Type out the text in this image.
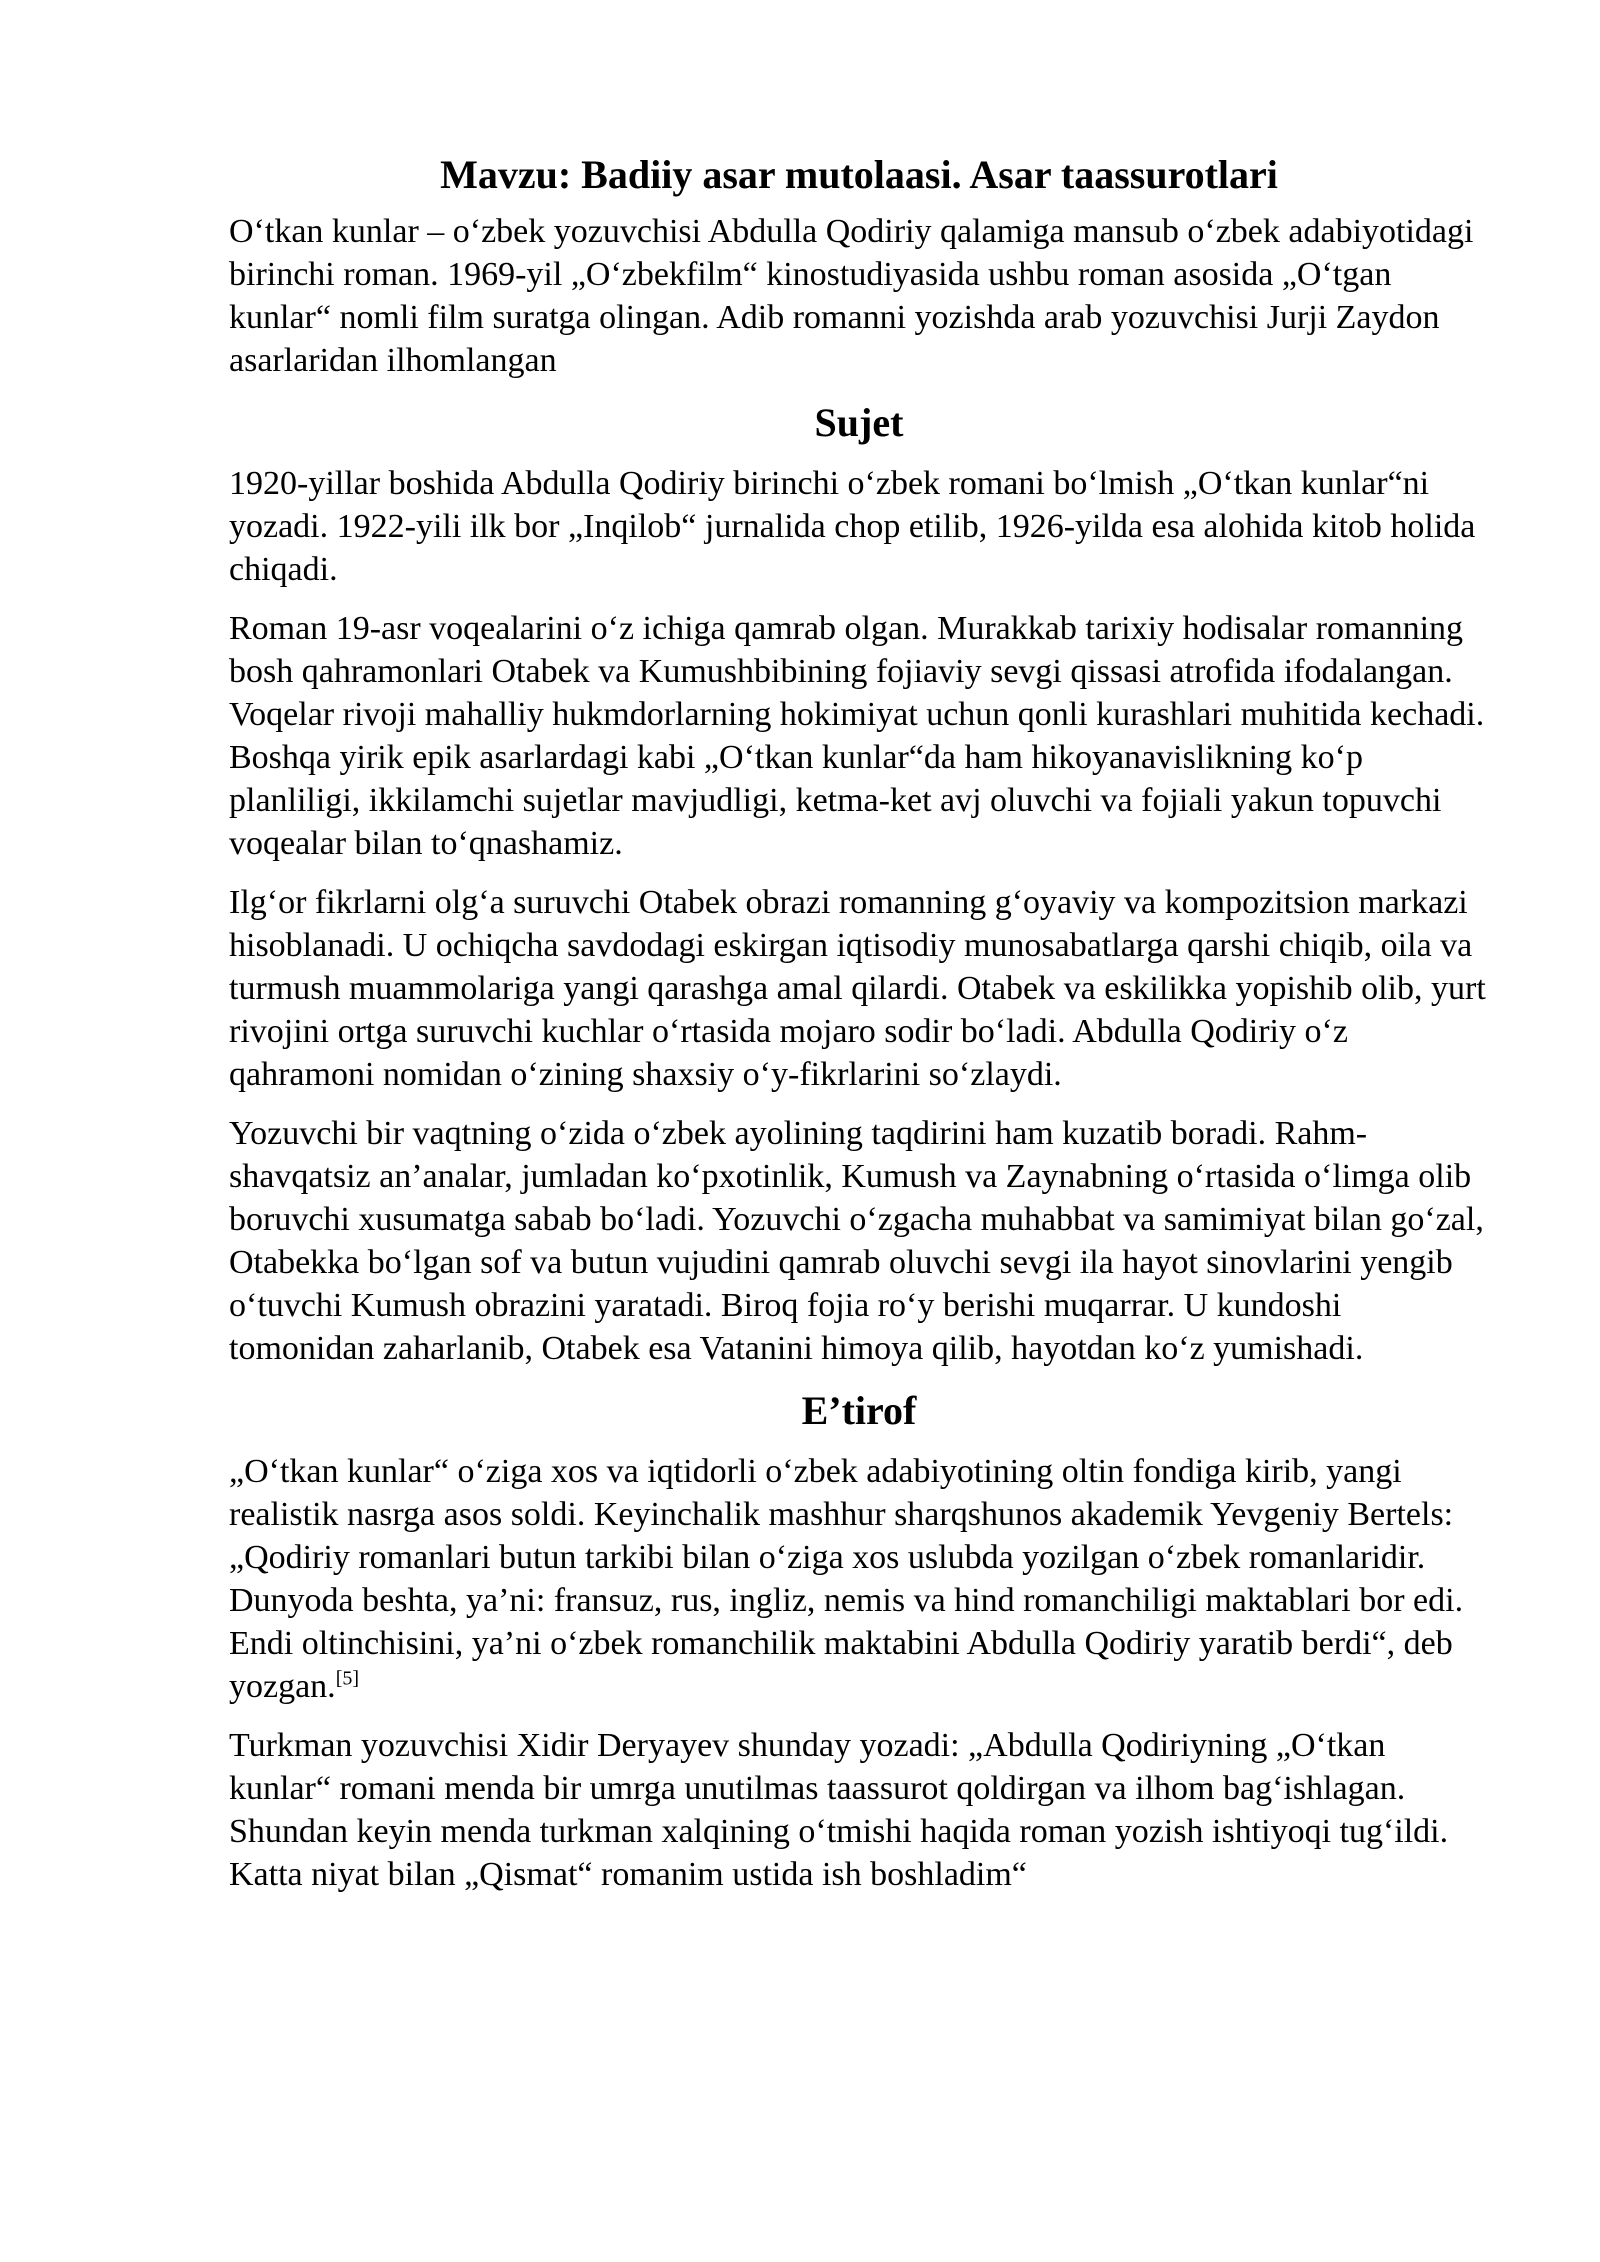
Mavzu: Badiiy asar mutolaasi. Asar taassurotlari

O‘tkan kunlar – o‘zbek yozuvchisi Abdulla Qodiriy qalamiga mansub o‘zbek adabiyotidagi birinchi roman. 1969-yil „O‘zbekfilm“ kinostudiyasida ushbu roman asosida „O‘tgan kunlar“ nomli film suratga olingan. Adib romanni yozishda arab yozuvchisi Jurji Zaydon asarlaridan ilhomlangan

Sujet

1920-yillar boshida Abdulla Qodiriy birinchi o‘zbek romani bo‘lmish „O‘tkan kunlar“ni yozadi. 1922-yili ilk bor „Inqilob“ jurnalida chop etilib, 1926-yilda esa alohida kitob holida chiqadi.

Roman 19-asr voqealarini o‘z ichiga qamrab olgan. Murakkab tarixiy hodisalar romanning bosh qahramonlari Otabek va Kumushbibining fojiaviy sevgi qissasi atrofida ifodalangan. Voqelar rivoji mahalliy hukmdorlarning hokimiyat uchun qonli kurashlari muhitida kechadi. Boshqa yirik epik asarlardagi kabi „O‘tkan kunlar“da ham hikoyanavislikning ko‘p planliligi, ikkilamchi sujetlar mavjudligi, ketma-ket avj oluvchi va fojiali yakun topuvchi voqealar bilan to‘qnashamiz.

Ilg‘or fikrlarni olg‘a suruvchi Otabek obrazi romanning g‘oyaviy va kompozitsion markazi hisoblanadi. U ochiqcha savdodagi eskirgan iqtisodiy munosabatlarga qarshi chiqib, oila va turmush muammolariga yangi qarashga amal qilardi. Otabek va eskilikka yopishib olib, yurt rivojini ortga suruvchi kuchlar o‘rtasida mojaro sodir bo‘ladi. Abdulla Qodiriy o‘z qahramoni nomidan o‘zining shaxsiy o‘y-fikrlarini so‘zlaydi.

Yozuvchi bir vaqtning o‘zida o‘zbek ayolining taqdirini ham kuzatib boradi. Rahm-shavqatsiz an’analar, jumladan ko‘pxotinlik, Kumush va Zaynabning o‘rtasida o‘limga olib boruvchi xusumatga sabab bo‘ladi. Yozuvchi o‘zgacha muhabbat va samimiyat bilan go‘zal, Otabekka bo‘lgan sof va butun vujudini qamrab oluvchi sevgi ila hayot sinovlarini yengib o‘tuvchi Kumush obrazini yaratadi. Biroq fojia ro‘y berishi muqarrar. U kundoshi tomonidan zaharlanib, Otabek esa Vatanini himoya qilib, hayotdan ko‘z yumishadi.

E’tirof

„O‘tkan kunlar“ o‘ziga xos va iqtidorli o‘zbek adabiyotining oltin fondiga kirib, yangi realistik nasrga asos soldi. Keyinchalik mashhur sharqshunos akademik Yevgeniy Bertels: „Qodiriy romanlari butun tarkibi bilan o‘ziga xos uslubda yozilgan o‘zbek romanlaridir. Dunyoda beshta, ya’ni: fransuz, rus, ingliz, nemis va hind romanchiligi maktablari bor edi. Endi oltinchisini, ya’ni o‘zbek romanchilik maktabini Abdulla Qodiriy yaratib berdi“, deb yozgan.[5]

Turkman yozuvchisi Xidir Deryayev shunday yozadi: „Abdulla Qodiriyning „O‘tkan kunlar“ romani menda bir umrga unutilmas taassurot qoldirgan va ilhom bag‘ishlagan. Shundan keyin menda turkman xalqining o‘tmishi haqida roman yozish ishtiyoqi tug‘ildi. Katta niyat bilan „Qismat“ romanim ustida ish boshladim“
